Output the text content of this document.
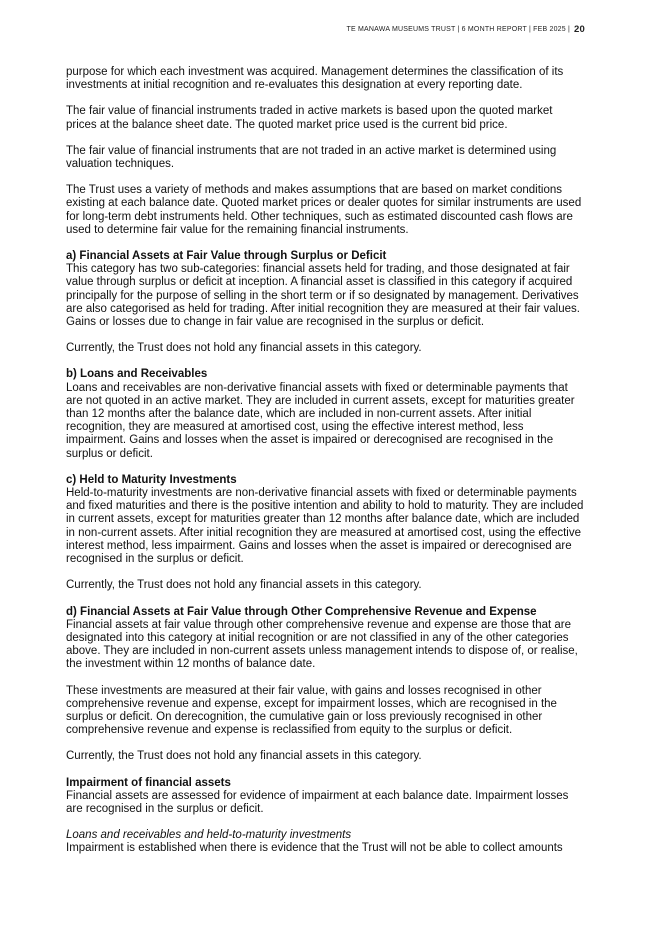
TE MANAWA MUSEUMS TRUST | 6 MONTH REPORT | FEB 2025 | 20

purpose for which each investment was acquired. Management determines the classification of its investments at initial recognition and re-evaluates this designation at every reporting date.

The fair value of financial instruments traded in active markets is based upon the quoted market prices at the balance sheet date. The quoted market price used is the current bid price.

The fair value of financial instruments that are not traded in an active market is determined using valuation techniques.

The Trust uses a variety of methods and makes assumptions that are based on market conditions existing at each balance date. Quoted market prices or dealer quotes for similar instruments are used for long-term debt instruments held. Other techniques, such as estimated discounted cash flows are used to determine fair value for the remaining financial instruments.

a) Financial Assets at Fair Value through Surplus or Deficit

This category has two sub-categories: financial assets held for trading, and those designated at fair value through surplus or deficit at inception. A financial asset is classified in this category if acquired principally for the purpose of selling in the short term or if so designated by management. Derivatives are also categorised as held for trading. After initial recognition they are measured at their fair values. Gains or losses due to change in fair value are recognised in the surplus or deficit.

Currently, the Trust does not hold any financial assets in this category.

b) Loans and Receivables

Loans and receivables are non-derivative financial assets with fixed or determinable payments that are not quoted in an active market. They are included in current assets, except for maturities greater than 12 months after the balance date, which are included in non-current assets. After initial recognition, they are measured at amortised cost, using the effective interest method, less impairment. Gains and losses when the asset is impaired or derecognised are recognised in the surplus or deficit.

c) Held to Maturity Investments

Held-to-maturity investments are non-derivative financial assets with fixed or determinable payments and fixed maturities and there is the positive intention and ability to hold to maturity. They are included in current assets, except for maturities greater than 12 months after balance date, which are included in non-current assets. After initial recognition they are measured at amortised cost, using the effective interest method, less impairment. Gains and losses when the asset is impaired or derecognised are recognised in the surplus or deficit.

Currently, the Trust does not hold any financial assets in this category.

d) Financial Assets at Fair Value through Other Comprehensive Revenue and Expense

Financial assets at fair value through other comprehensive revenue and expense are those that are designated into this category at initial recognition or are not classified in any of the other categories above. They are included in non-current assets unless management intends to dispose of, or realise, the investment within 12 months of balance date.

These investments are measured at their fair value, with gains and losses recognised in other comprehensive revenue and expense, except for impairment losses, which are recognised in the surplus or deficit. On derecognition, the cumulative gain or loss previously recognised in other comprehensive revenue and expense is reclassified from equity to the surplus or deficit.

Currently, the Trust does not hold any financial assets in this category.

Impairment of financial assets

Financial assets are assessed for evidence of impairment at each balance date. Impairment losses are recognised in the surplus or deficit.

Loans and receivables and held-to-maturity investments

Impairment is established when there is evidence that the Trust will not be able to collect amounts
